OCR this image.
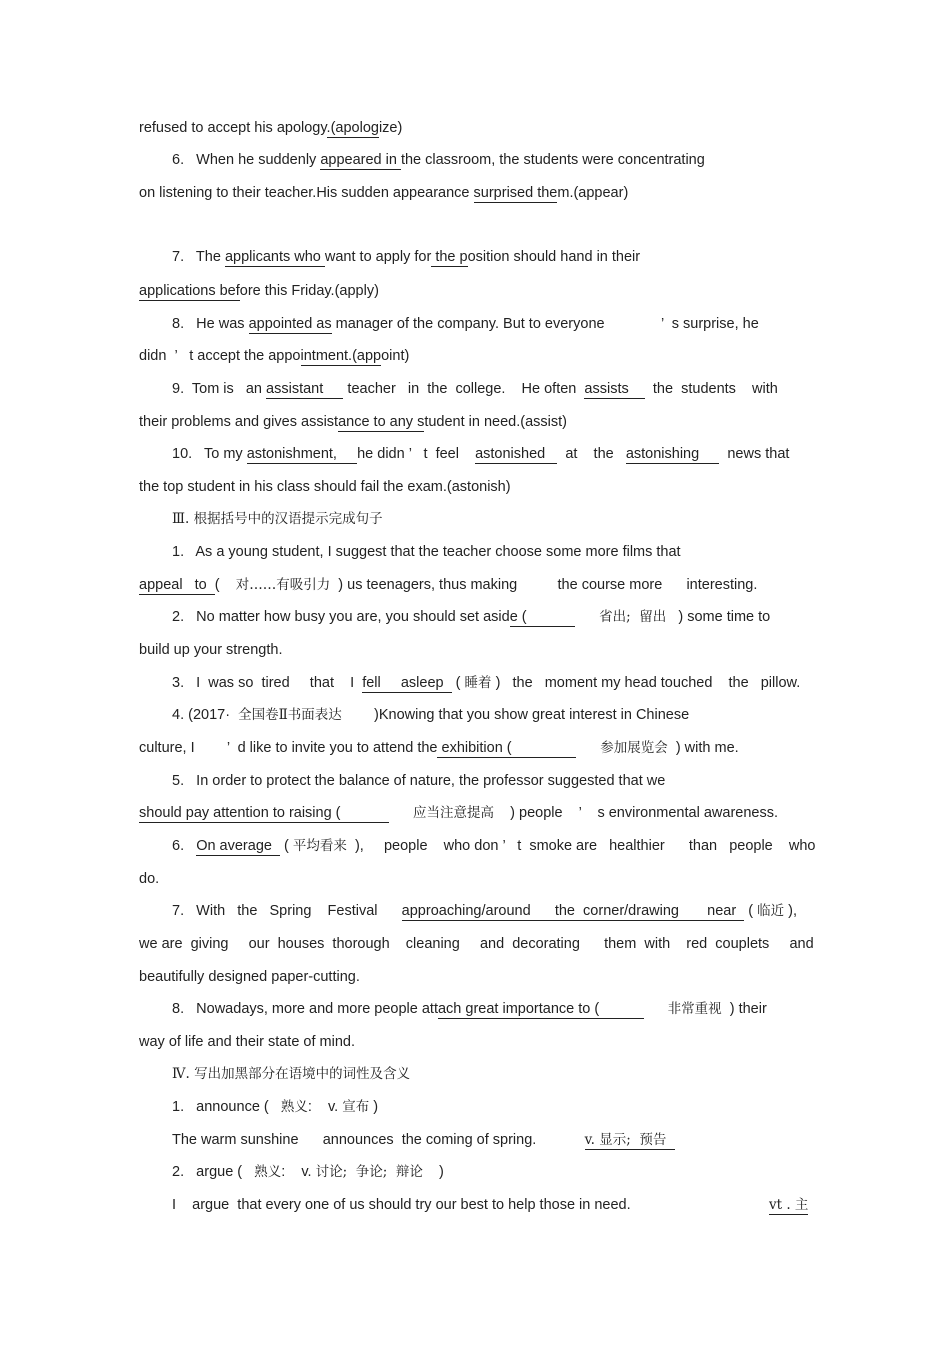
refused to accept his apology.(apologize)
6.   When he suddenly appeared in the classroom, the students were concentrating
on listening to their teacher.His sudden appearance surprised them.(appear)
7.   The applicants who want to apply for the position should hand in their
applications before this Friday.(apply)
8.   He was appointed as manager of the company. But to everyone              ’  s surprise, he
didn  ’   t accept the appointment.(appoint)
9.  Tom is   an assistant      teacher   in  the  college.    He often  assists      the  students    with
their problems and gives assistance to any student in need.(assist)
10.   To my astonishment,     he didn ’   t  feel    astonished     at    the   astonishing       news that
the top student in his class should fail the exam.(astonish)
Ⅲ. 根据括号中的汉语提示完成句子
1.   As a young student, I suggest that the teacher choose some more films that
appeal   to  (    对……有吸引力  ) us teenagers, thus making          the course more      interesting.
2.   No matter how busy you are, you should set aside (                  省出;  留出   ) some time to
build up your strength.
3.   I  was so  tired     that    I  fell     asleep   ( 睡着 )   the   moment my head touched    the   pillow.
4. (2017·  全国卷Ⅱ书面表达        )Knowing that you show great interest in Chinese
culture, I        ’  d like to invite you to attend the exhibition (                      参加展览会  ) with me.
5.   In order to protect the balance of nature, the professor suggested that we
should pay attention to raising (                  应当注意提高    ) people    ’    s environmental awareness.
6.   On average   ( 平均看来  ),     people    who don ’   t  smoke are   healthier      than   people    who
do.
7.   With   the   Spring    Festival      approaching/around      the  corner/drawing       near   ( 临近 ),
we are  giving     our  houses  thorough    cleaning     and  decorating      them  with    red  couplets     and
beautifully designed paper-cutting.
8.   Nowadays, more and more people attach great importance to (                 非常重视  ) their
way of life and their state of mind.
Ⅳ. 写出加黑部分在语境中的词性及含义
1.   announce (   熟义:    v. 宣布 )
The warm sunshine      announces  the coming of spring.            v. 显示;  预告
2.   argue (   熟义:    v. 讨论;  争论;  辩论    )
I    argue  that every one of us should try our best to help those in need.	vt . 主
